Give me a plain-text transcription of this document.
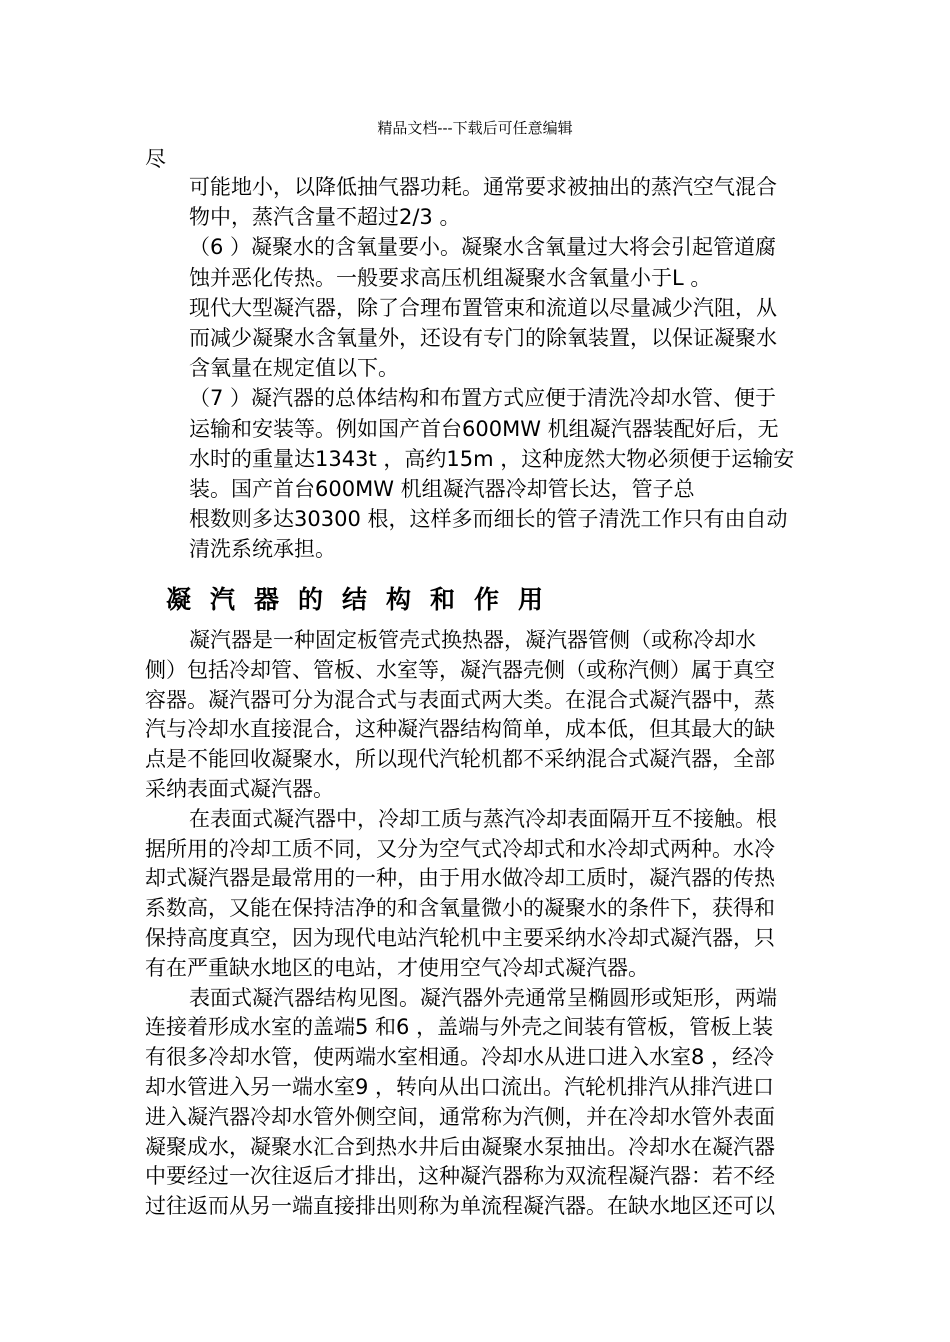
精品文档---下载后可任意编辑
尽
可能地小，以降低抽气器功耗。通常要求被抽出的蒸汽空气混合
物中，蒸汽含量不超过2/3 。
（6 ）凝聚水的含氧量要小。凝聚水含氧量过大将会引起管道腐
蚀并恶化传热。一般要求高压机组凝聚水含氧量小于L 。
现代大型凝汽器，除了合理布置管束和流道以尽量减少汽阻，从
而减少凝聚水含氧量外，还设有专门的除氧装置，以保证凝聚水
含氧量在规定值以下。
（7 ）凝汽器的总体结构和布置方式应便于清洗冷却水管、便于
运输和安装等。例如国产首台600MW 机组凝汽器装配好后，无
水时的重量达1343t ，高约15m ，这种庞然大物必须便于运输安
装。国产首台600MW 机组凝汽器冷却管长达，管子总
根数则多达30300 根，这样多而细长的管子清洗工作只有由自动
清洗系统承担。
凝汽器的结构和作用
凝汽器是一种固定板管壳式换热器，凝汽器管侧（或称冷却水
侧）包括冷却管、管板、水室等，凝汽器壳侧（或称汽侧）属于真空
容器。凝汽器可分为混合式与表面式两大类。在混合式凝汽器中，蒸
汽与冷却水直接混合，这种凝汽器结构简单，成本低，但其最大的缺
点是不能回收凝聚水，所以现代汽轮机都不采纳混合式凝汽器，全部
采纳表面式凝汽器。
在表面式凝汽器中，冷却工质与蒸汽冷却表面隔开互不接触。根
据所用的冷却工质不同，又分为空气式冷却式和水冷却式两种。水冷
却式凝汽器是最常用的一种，由于用水做冷却工质时，凝汽器的传热
系数高，又能在保持洁净的和含氧量微小的凝聚水的条件下，获得和
保持高度真空，因为现代电站汽轮机中主要采纳水冷却式凝汽器，只
有在严重缺水地区的电站，才使用空气冷却式凝汽器。
表面式凝汽器结构见图。凝汽器外壳通常呈椭圆形或矩形，两端
连接着形成水室的盖端5 和6 ，盖端与外壳之间装有管板，管板上装
有很多冷却水管，使两端水室相通。冷却水从进口进入水室8 ，经冷
却水管进入另一端水室9 ，转向从出口流出。汽轮机排汽从排汽进口
进入凝汽器冷却水管外侧空间，通常称为汽侧，并在冷却水管外表面
凝聚成水，凝聚水汇合到热水井后由凝聚水泵抽出。冷却水在凝汽器
中要经过一次往返后才排出，这种凝汽器称为双流程凝汽器：若不经
过往返而从另一端直接排出则称为单流程凝汽器。在缺水地区还可以
